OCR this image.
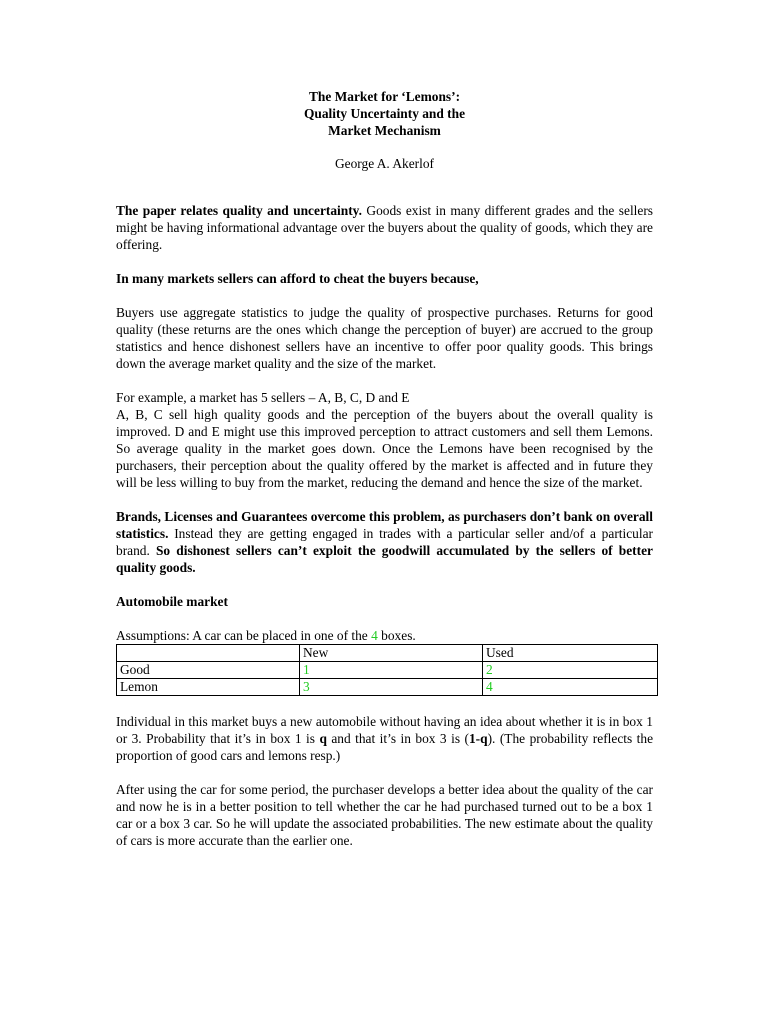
The Market for ‘Lemons’:
Quality Uncertainty and the
Market Mechanism
George A. Akerlof

The paper relates quality and uncertainty. Goods exist in many different grades and the sellers might be having informational advantage over the buyers about the quality of goods, which they are offering.

In many markets sellers can afford to cheat the buyers because,

Buyers use aggregate statistics to judge the quality of prospective purchases. Returns for good quality (these returns are the ones which change the perception of buyer) are accrued to the group statistics and hence dishonest sellers have an incentive to offer poor quality goods. This brings down the average market quality and the size of the market.

For example, a market has 5 sellers – A, B, C, D and E

A, B, C sell high quality goods and the perception of the buyers about the overall quality is improved. D and E might use this improved perception to attract customers and sell them Lemons. So average quality in the market goes down. Once the Lemons have been recognised by the purchasers, their perception about the quality offered by the market is affected and in future they will be less willing to buy from the market, reducing the demand and hence the size of the market.

Brands, Licenses and Guarantees overcome this problem, as purchasers don’t bank on overall statistics. Instead they are getting engaged in trades with a particular seller and/of a particular brand. So dishonest sellers can’t exploit the goodwill accumulated by the sellers of better quality goods.

Automobile market

Assumptions: A car can be placed in one of the 4 boxes.

	New	Used
Good	1	2
Lemon	3	4

Individual in this market buys a new automobile without having an idea about whether it is in box 1 or 3. Probability that it’s in box 1 is q and that it’s in box 3 is (1-q). (The probability reflects the proportion of good cars and lemons resp.)

After using the car for some period, the purchaser develops a better idea about the quality of the car and now he is in a better position to tell whether the car he had purchased turned out to be a box 1 car or a box 3 car. So he will update the associated probabilities. The new estimate about the quality of cars is more accurate than the earlier one.
